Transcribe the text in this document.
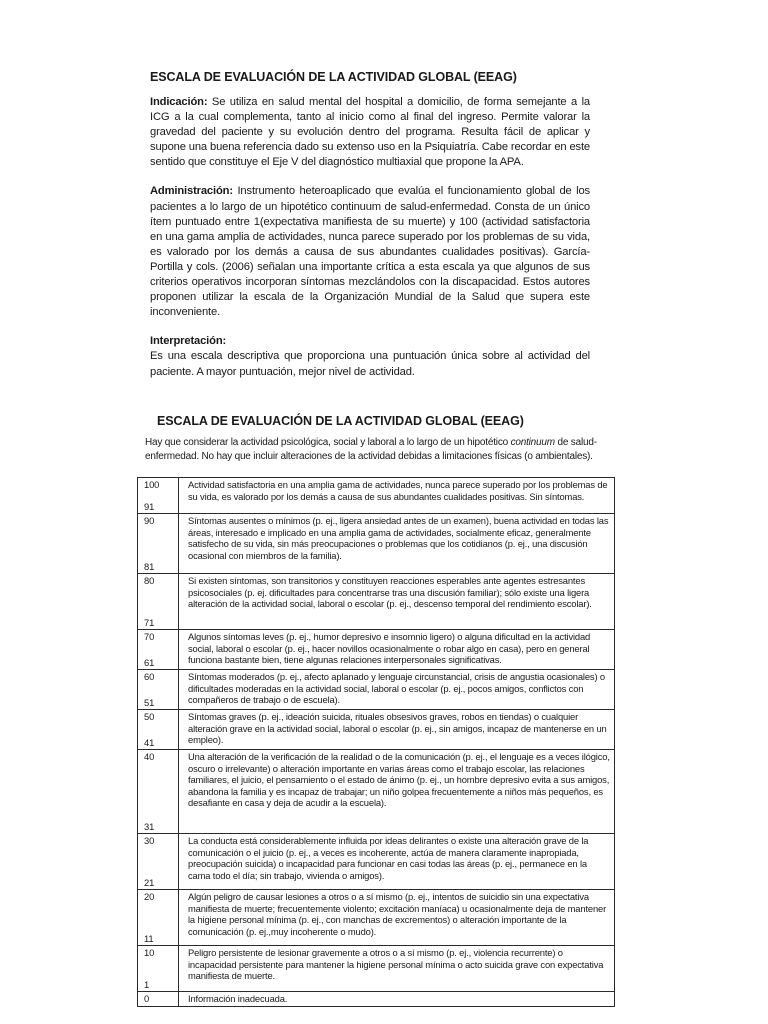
ESCALA DE EVALUACIÓN DE LA ACTIVIDAD GLOBAL (EEAG)

Indicación: Se utiliza en salud mental del hospital a domicilio, de forma semejante a la ICG a la cual complementa, tanto al inicio como al final del ingreso. Permite valorar la gravedad del paciente y su evolución dentro del programa. Resulta fácil de aplicar y supone una buena referencia dado su extenso uso en la Psiquiatría. Cabe recordar en este sentido que constituye el Eje V del diagnóstico multiaxial que propone la APA.

Administración: Instrumento heteroaplicado que evalúa el funcionamiento global de los pacientes a lo largo de un hipotético continuum de salud-enfermedad. Consta de un único ítem puntuado entre 1(expectativa manifiesta de su muerte) y 100 (actividad satisfactoria en una gama amplia de actividades, nunca parece superado por los problemas de su vida, es valorado por los demás a causa de sus abundantes cualidades positivas). García-Portilla y cols. (2006) señalan una importante crítica a esta escala ya que algunos de sus criterios operativos incorporan síntomas mezclándolos con la discapacidad. Estos autores proponen utilizar la escala de la Organización Mundial de la Salud que supera este inconveniente.

Interpretación:
Es una escala descriptiva que proporciona una puntuación única sobre al actividad del paciente. A mayor puntuación, mejor nivel de actividad.

ESCALA DE EVALUACIÓN DE LA ACTIVIDAD GLOBAL (EEAG)

Hay que considerar la actividad psicológica, social y laboral a lo largo de un hipotético continuum de salud-enfermedad. No hay que incluir alteraciones de la actividad debidas a limitaciones físicas (o ambientales).

100
91	Actividad satisfactoria en una amplia gama de actividades, nunca parece superado por los problemas de su vida, es valorado por los demás a causa de sus abundantes cualidades positivas. Sin síntomas.

90
81	Síntomas ausentes o mínimos (p. ej., ligera ansiedad antes de un examen), buena actividad en todas las áreas, interesado e implicado en una amplia gama de actividades, socialmente eficaz, generalmente satisfecho de su vida, sin más preocupaciones o problemas que los cotidianos (p. ej., una discusión ocasional con miembros de la familia).

80
71	Si existen síntomas, son transitorios y constituyen reacciones esperables ante agentes estresantes psicosociales (p. ej. dificultades para concentrarse tras una discusión familiar); sólo existe una ligera alteración de la actividad social, laboral o escolar (p. ej., descenso temporal del rendimiento escolar).

70
61	Algunos síntomas leves (p. ej., humor depresivo e insomnio ligero) o alguna dificultad en la actividad social, laboral o escolar (p. ej., hacer novillos ocasionalmente o robar algo en casa), pero en general funciona bastante bien, tiene algunas relaciones interpersonales significativas.

60
51	Síntomas moderados (p. ej., afecto aplanado y lenguaje circunstancial, crisis de angustia ocasionales) o dificultades moderadas en la actividad social, laboral o escolar (p. ej., pocos amigos, conflictos con compañeros de trabajo o de escuela).

50
41	Síntomas graves (p. ej., ideación suicida, rituales obsesivos graves, robos en tiendas) o cualquier alteración grave en la actividad social, laboral o escolar (p. ej., sin amigos, incapaz de mantenerse en un empleo).

40
31	Una alteración de la verificación de la realidad o de la comunicación (p. ej., el lenguaje es a veces ilógico, oscuro o irrelevante) o alteración importante en varias áreas como el trabajo escolar, las relaciones familiares, el juicio, el pensamiento o el estado de ánimo (p. ej., un hombre depresivo evita a sus amigos, abandona la familia y es incapaz de trabajar; un niño golpea frecuentemente a niños más pequeños, es desafiante en casa y deja de acudir a la escuela).

30
21	La conducta está considerablemente influida por ideas delirantes o existe una alteración grave de la comunicación o el juicio (p. ej., a veces es incoherente, actúa de manera claramente inapropiada, preocupación suicida) o incapacidad para funcionar en casi todas las áreas (p. ej., permanece en la cama todo el día; sin trabajo, vivienda o amigos).

20
11	Algún peligro de causar lesiones a otros o a sí mismo (p. ej., intentos de suicidio sin una expectativa manifiesta de muerte; frecuentemente violento; excitación maníaca) u ocasionalmente deja de mantener la higiene personal mínima (p. ej., con manchas de excrementos) o alteración importante de la comunicación (p. ej.,muy incoherente o mudo).

10
1	Peligro persistente de lesionar gravemente a otros o a sí mismo (p. ej., violencia recurrente) o incapacidad persistente para mantener la higiene personal mínima o acto suicida grave con expectativa manifiesta de muerte.

0	Información inadecuada.
